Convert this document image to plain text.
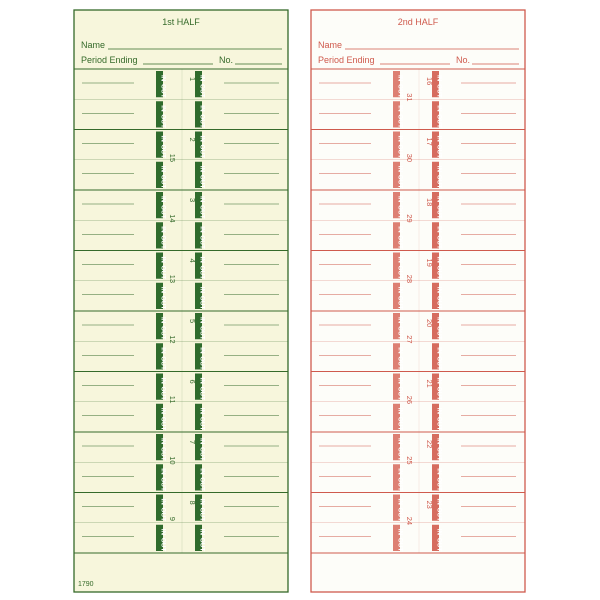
1st HALF
Name
Period Ending	No.
IN
OUT
IN
OUT
IN
OUT
IN
OUT
1
IN
OUT
IN
OUT
IN
OUT
IN
OUT
15
2
IN
OUT
IN
OUT
IN
OUT
IN
OUT
14
3
IN
OUT
IN
OUT
IN
OUT
IN
OUT
13
4
IN
OUT
IN
OUT
IN
OUT
IN
OUT
12
5
IN
OUT
IN
OUT
IN
OUT
IN
OUT
11
6
IN
OUT
IN
OUT
IN
OUT
IN
OUT
10
7
IN
OUT
IN
OUT
IN
OUT
IN
OUT
9
8
1790
2nd HALF
Name
Period Ending	No.
IN
OUT
IN
OUT
IN
OUT
IN
OUT
31
16
IN
OUT
IN
OUT
IN
OUT
IN
OUT
30
17
IN
OUT
IN
OUT
IN
OUT
IN
OUT
29
18
IN
OUT
IN
OUT
IN
OUT
IN
OUT
28
19
IN
OUT
IN
OUT
IN
OUT
IN
OUT
27
20
IN
OUT
IN
OUT
IN
OUT
IN
OUT
26
21
IN
OUT
IN
OUT
IN
OUT
IN
OUT
25
22
IN
OUT
IN
OUT
IN
OUT
IN
OUT
24
23
